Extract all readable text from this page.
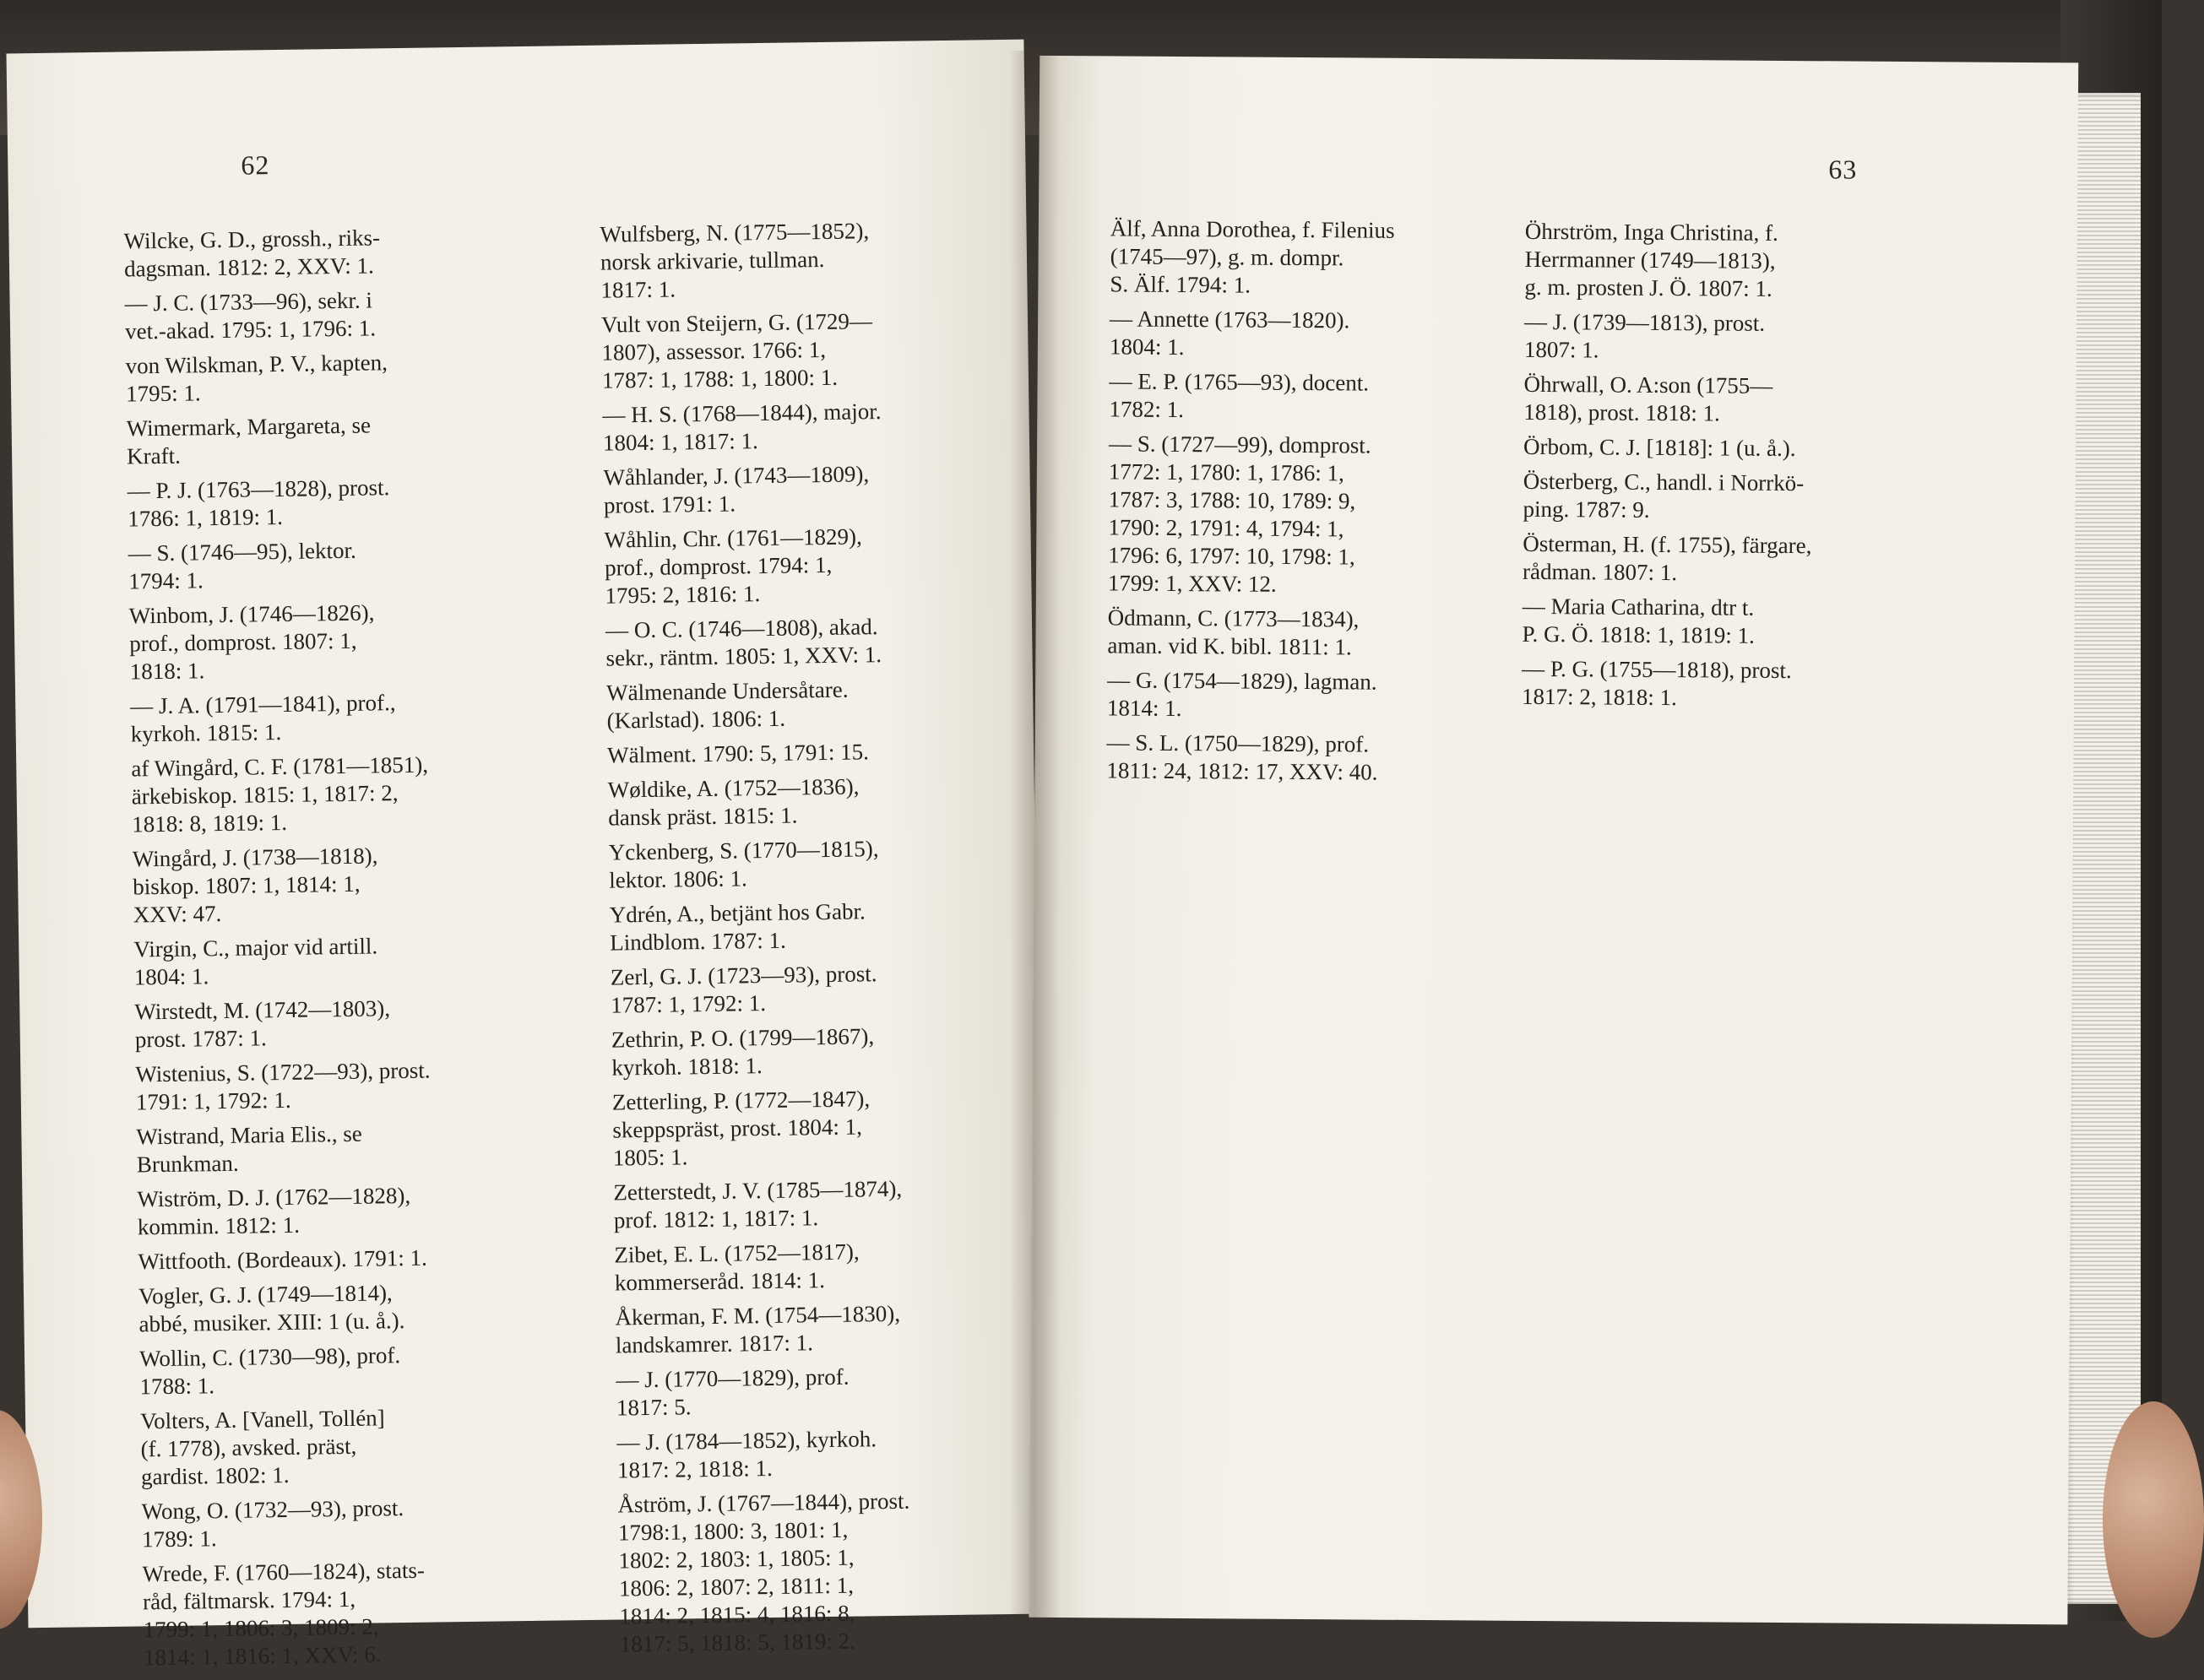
62
Wilcke, G. D., grossh., riks-
dagsman. 1812: 2, XXV: 1.
— J. C. (1733—96), sekr. i
vet.-akad. 1795: 1, 1796: 1.
von Wilskman, P. V., kapten,
1795: 1.
Wimermark, Margareta, se
Kraft.
— P. J. (1763—1828), prost.
1786: 1, 1819: 1.
— S. (1746—95), lektor.
1794: 1.
Winbom, J. (1746—1826),
prof., domprost. 1807: 1,
1818: 1.
— J. A. (1791—1841), prof.,
kyrkoh. 1815: 1.
af Wingård, C. F. (1781—1851),
ärkebiskop. 1815: 1, 1817: 2,
1818: 8, 1819: 1.
Wingård, J. (1738—1818),
biskop. 1807: 1, 1814: 1,
XXV: 47.
Virgin, C., major vid artill.
1804: 1.
Wirstedt, M. (1742—1803),
prost. 1787: 1.
Wistenius, S. (1722—93), prost.
1791: 1, 1792: 1.
Wistrand, Maria Elis., se
Brunkman.
Wiström, D. J. (1762—1828),
kommin. 1812: 1.
Wittfooth. (Bordeaux). 1791: 1.
Vogler, G. J. (1749—1814),
abbé, musiker. XIII: 1 (u. å.).
Wollin, C. (1730—98), prof.
1788: 1.
Volters, A. [Vanell, Tollén]
(f. 1778), avsked. präst,
gardist. 1802: 1.
Wong, O. (1732—93), prost.
1789: 1.
Wrede, F. (1760—1824), stats-
råd, fältmarsk. 1794: 1,
1799: 1, 1806: 3, 1809: 2,
1814: 1, 1816: 1, XXV: 6.
Wulfsberg, N. (1775—1852),
norsk arkivarie, tullman.
1817: 1.
Vult von Steijern, G. (1729—
1807), assessor. 1766: 1,
1787: 1, 1788: 1, 1800: 1.
— H. S. (1768—1844), major.
1804: 1, 1817: 1.
Wåhlander, J. (1743—1809),
prost. 1791: 1.
Wåhlin, Chr. (1761—1829),
prof., domprost. 1794: 1,
1795: 2, 1816: 1.
— O. C. (1746—1808), akad.
sekr., räntm. 1805: 1, XXV: 1.
Wälmenande Undersåtare.
(Karlstad). 1806: 1.
Wälment. 1790: 5, 1791: 15.
Wøldike, A. (1752—1836),
dansk präst. 1815: 1.
Yckenberg, S. (1770—1815),
lektor. 1806: 1.
Ydrén, A., betjänt hos Gabr.
Lindblom. 1787: 1.
Zerl, G. J. (1723—93), prost.
1787: 1, 1792: 1.
Zethrin, P. O. (1799—1867),
kyrkoh. 1818: 1.
Zetterling, P. (1772—1847),
skeppspräst, prost. 1804: 1,
1805: 1.
Zetterstedt, J. V. (1785—1874),
prof. 1812: 1, 1817: 1.
Zibet, E. L. (1752—1817),
kommerseråd. 1814: 1.
Åkerman, F. M. (1754—1830),
landskamrer. 1817: 1.
— J. (1770—1829), prof.
1817: 5.
— J. (1784—1852), kyrkoh.
1817: 2, 1818: 1.
Åström, J. (1767—1844), prost.
1798:1, 1800: 3, 1801: 1,
1802: 2, 1803: 1, 1805: 1,
1806: 2, 1807: 2, 1811: 1,
1814: 2, 1815: 4, 1816: 8,
1817: 5, 1818: 5, 1819: 2.
63
Älf, Anna Dorothea, f. Filenius
(1745—97), g. m. dompr.
S. Älf. 1794: 1.
— Annette (1763—1820).
1804: 1.
— E. P. (1765—93), docent.
1782: 1.
— S. (1727—99), domprost.
1772: 1, 1780: 1, 1786: 1,
1787: 3, 1788: 10, 1789: 9,
1790: 2, 1791: 4, 1794: 1,
1796: 6, 1797: 10, 1798: 1,
1799: 1, XXV: 12.
Ödmann, C. (1773—1834),
aman. vid K. bibl. 1811: 1.
— G. (1754—1829), lagman.
1814: 1.
— S. L. (1750—1829), prof.
1811: 24, 1812: 17, XXV: 40.
Öhrström, Inga Christina, f.
Herrmanner (1749—1813),
g. m. prosten J. Ö. 1807: 1.
— J. (1739—1813), prost.
1807: 1.
Öhrwall, O. A:son (1755—
1818), prost. 1818: 1.
Örbom, C. J. [1818]: 1 (u. å.).
Österberg, C., handl. i Norrkö-
ping. 1787: 9.
Österman, H. (f. 1755), färgare,
rådman. 1807: 1.
— Maria Catharina, dtr t.
P. G. Ö. 1818: 1, 1819: 1.
— P. G. (1755—1818), prost.
1817: 2, 1818: 1.
